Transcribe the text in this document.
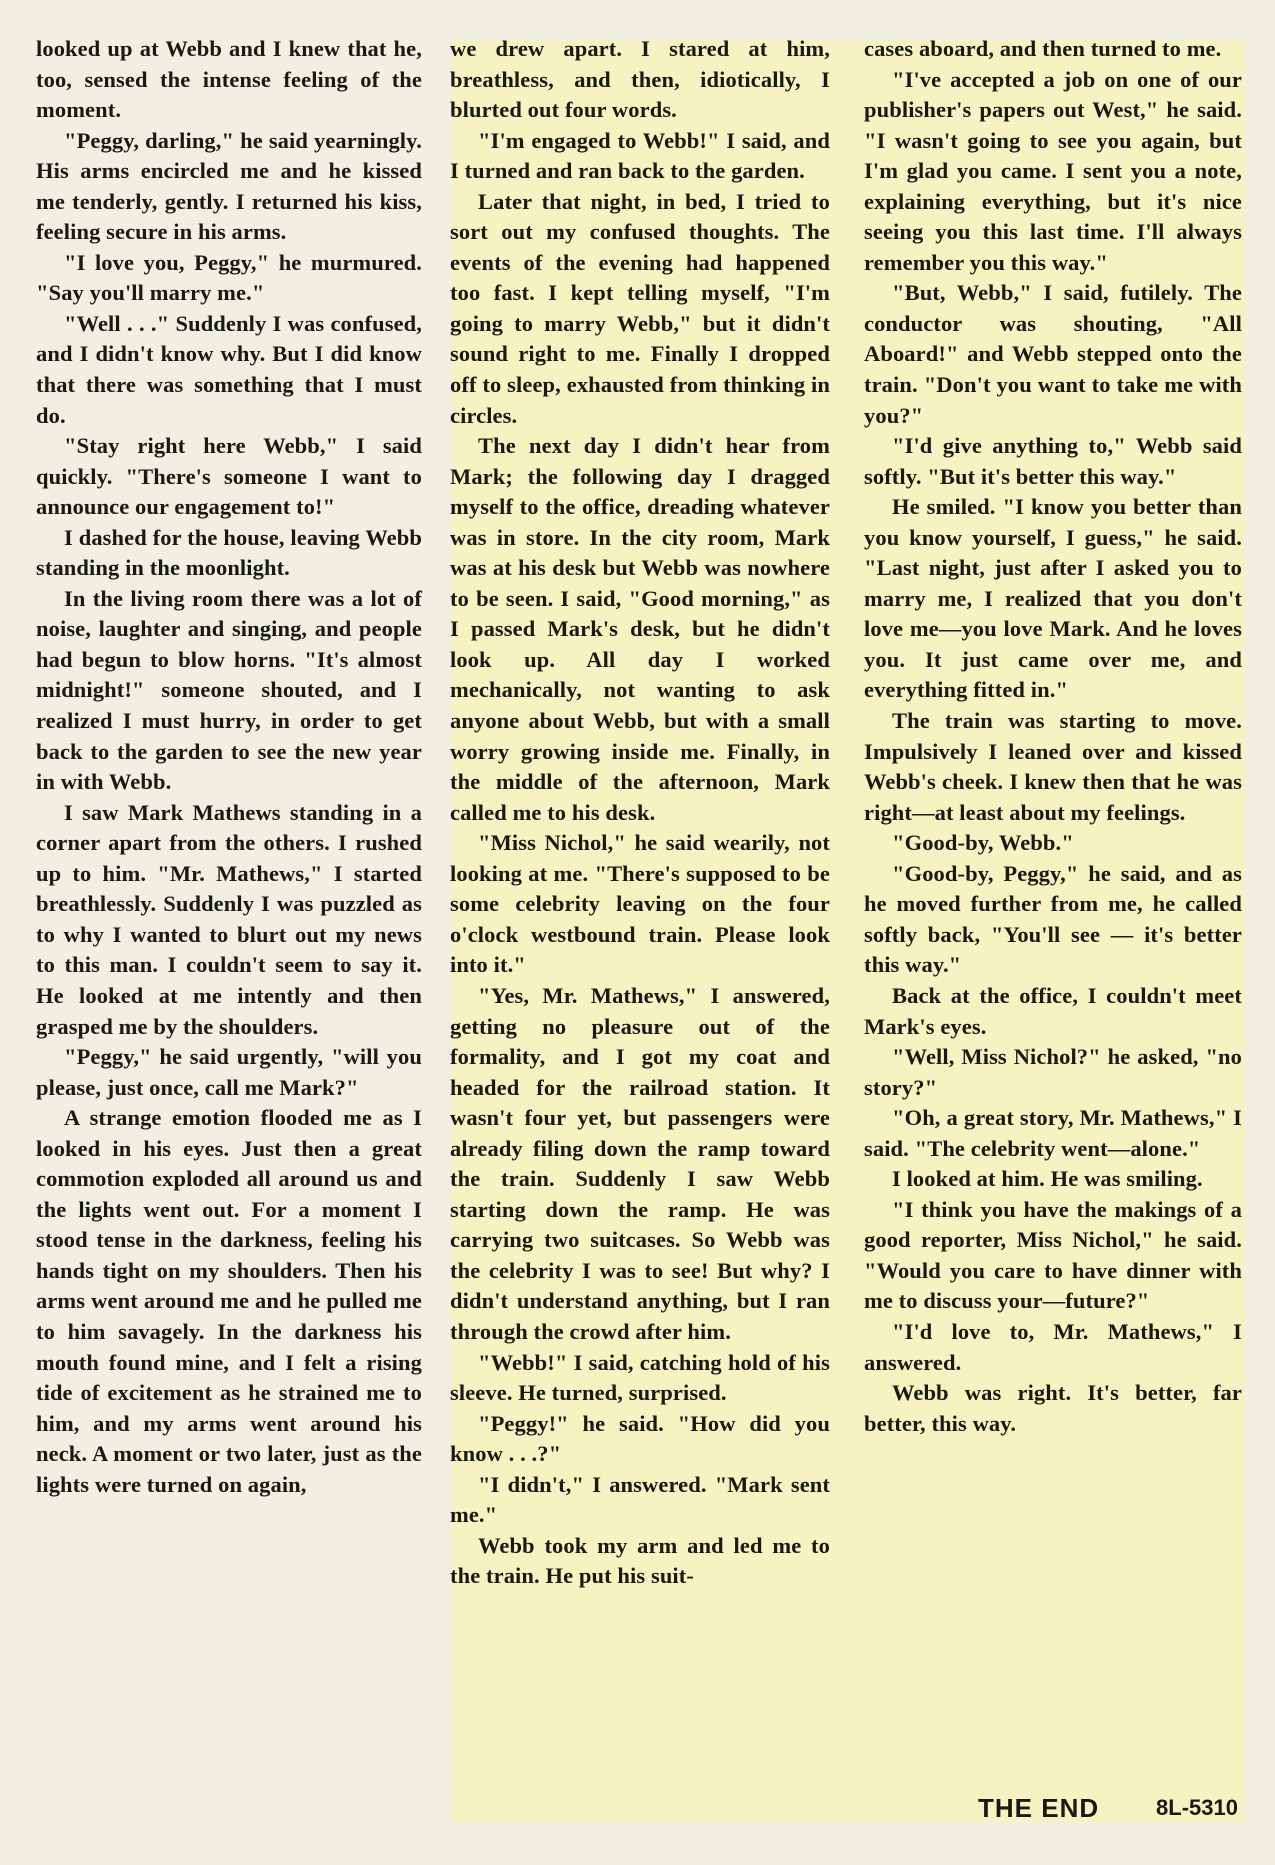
looked up at Webb and I knew that he, too, sensed the intense feeling of the moment.

"Peggy, darling," he said yearningly. His arms encircled me and he kissed me tenderly, gently. I returned his kiss, feeling secure in his arms.

"I love you, Peggy," he murmured. "Say you'll marry me."

"Well . . ." Suddenly I was confused, and I didn't know why. But I did know that there was something that I must do.

"Stay right here Webb," I said quickly. "There's someone I want to announce our engagement to!"

I dashed for the house, leaving Webb standing in the moonlight.

In the living room there was a lot of noise, laughter and singing, and people had begun to blow horns. "It's almost midnight!" someone shouted, and I realized I must hurry, in order to get back to the garden to see the new year in with Webb.

I saw Mark Mathews standing in a corner apart from the others. I rushed up to him. "Mr. Mathews," I started breathlessly. Suddenly I was puzzled as to why I wanted to blurt out my news to this man. I couldn't seem to say it. He looked at me intently and then grasped me by the shoulders.

"Peggy," he said urgently, "will you please, just once, call me Mark?"

A strange emotion flooded me as I looked in his eyes. Just then a great commotion exploded all around us and the lights went out. For a moment I stood tense in the darkness, feeling his hands tight on my shoulders. Then his arms went around me and he pulled me to him savagely. In the darkness his mouth found mine, and I felt a rising tide of excitement as he strained me to him, and my arms went around his neck. A moment or two later, just as the lights were turned on again,

we drew apart. I stared at him, breathless, and then, idiotically, I blurted out four words.

"I'm engaged to Webb!" I said, and I turned and ran back to the garden.

Later that night, in bed, I tried to sort out my confused thoughts. The events of the evening had happened too fast. I kept telling myself, "I'm going to marry Webb," but it didn't sound right to me. Finally I dropped off to sleep, exhausted from thinking in circles.

The next day I didn't hear from Mark; the following day I dragged myself to the office, dreading whatever was in store. In the city room, Mark was at his desk but Webb was nowhere to be seen. I said, "Good morning," as I passed Mark's desk, but he didn't look up. All day I worked mechanically, not wanting to ask anyone about Webb, but with a small worry growing inside me. Finally, in the middle of the afternoon, Mark called me to his desk.

"Miss Nichol," he said wearily, not looking at me. "There's supposed to be some celebrity leaving on the four o'clock westbound train. Please look into it."

"Yes, Mr. Mathews," I answered, getting no pleasure out of the formality, and I got my coat and headed for the railroad station. It wasn't four yet, but passengers were already filing down the ramp toward the train. Suddenly I saw Webb starting down the ramp. He was carrying two suitcases. So Webb was the celebrity I was to see! But why? I didn't understand anything, but I ran through the crowd after him.

"Webb!" I said, catching hold of his sleeve. He turned, surprised.

"Peggy!" he said. "How did you know . . .?"

"I didn't," I answered. "Mark sent me."

Webb took my arm and led me to the train. He put his suit-

cases aboard, and then turned to me.

"I've accepted a job on one of our publisher's papers out West," he said. "I wasn't going to see you again, but I'm glad you came. I sent you a note, explaining everything, but it's nice seeing you this last time. I'll always remember you this way."

"But, Webb," I said, futilely. The conductor was shouting, "All Aboard!" and Webb stepped onto the train. "Don't you want to take me with you?"

"I'd give anything to," Webb said softly. "But it's better this way."

He smiled. "I know you better than you know yourself, I guess," he said. "Last night, just after I asked you to marry me, I realized that you don't love me—you love Mark. And he loves you. It just came over me, and everything fitted in."

The train was starting to move. Impulsively I leaned over and kissed Webb's cheek. I knew then that he was right—at least about my feelings.

"Good-by, Webb."

"Good-by, Peggy," he said, and as he moved further from me, he called softly back, "You'll see — it's better this way."

Back at the office, I couldn't meet Mark's eyes.

"Well, Miss Nichol?" he asked, "no story?"

"Oh, a great story, Mr. Mathews," I said. "The celebrity went—alone."

I looked at him. He was smiling.

"I think you have the makings of a good reporter, Miss Nichol," he said. "Would you care to have dinner with me to discuss your—future?"

"I'd love to, Mr. Mathews," I answered.

Webb was right. It's better, far better, this way.

THE END	8L-5310
